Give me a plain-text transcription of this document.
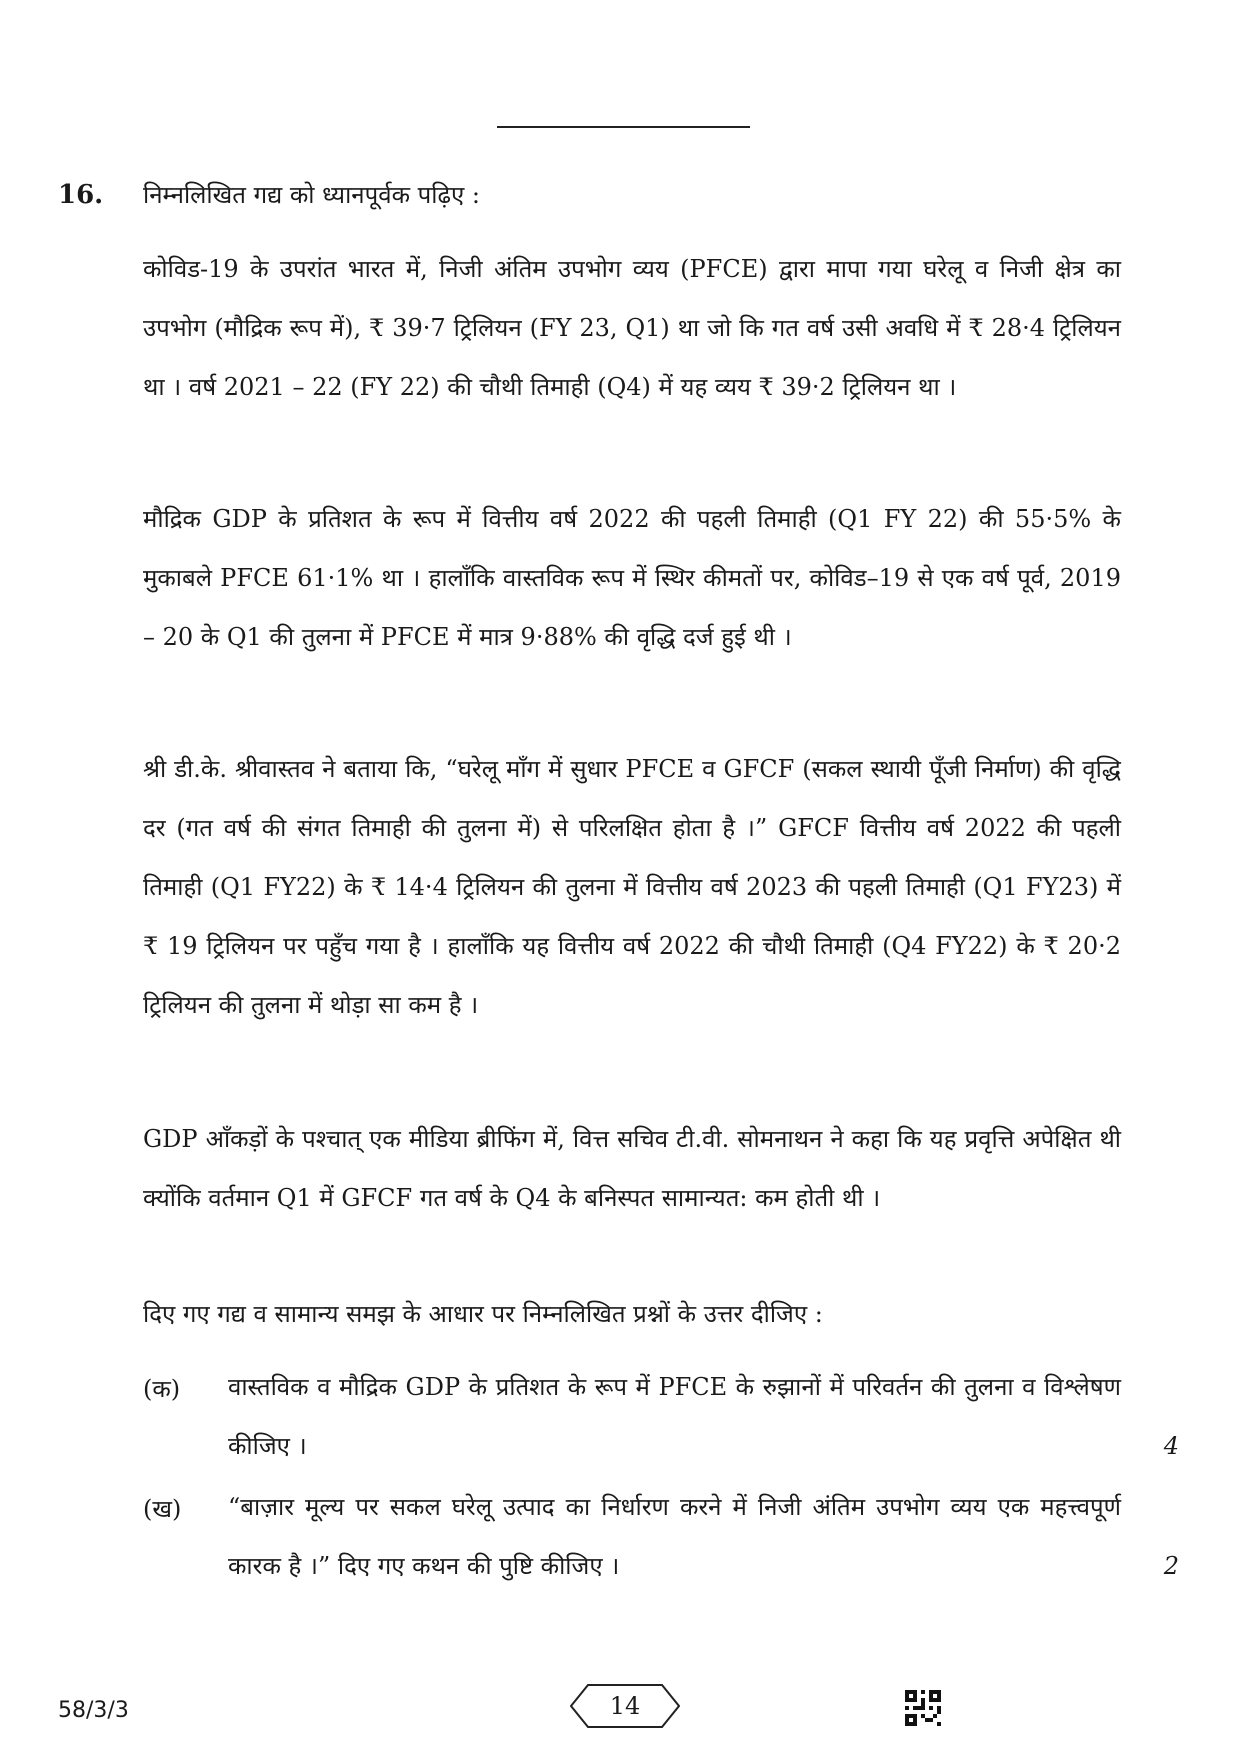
16. निम्नलिखित गद्य को ध्यानपूर्वक पढ़िए :

कोविड-19 के उपरांत भारत में, निजी अंतिम उपभोग व्यय (PFCE) द्वारा मापा गया घरेलू व निजी क्षेत्र का उपभोग (मौद्रिक रूप में), ₹ 39·7 ट्रिलियन (FY 23, Q1) था जो कि गत वर्ष उसी अवधि में ₹ 28·4 ट्रिलियन था । वर्ष 2021 – 22 (FY 22) की चौथी तिमाही (Q4) में यह व्यय ₹ 39·2 ट्रिलियन था ।

मौद्रिक GDP के प्रतिशत के रूप में वित्तीय वर्ष 2022 की पहली तिमाही (Q1 FY 22) की 55·5% के मुकाबले PFCE 61·1% था । हालाँकि वास्तविक रूप में स्थिर कीमतों पर, कोविड–19 से एक वर्ष पूर्व, 2019 – 20 के Q1 की तुलना में PFCE में मात्र 9·88% की वृद्धि दर्ज हुई थी ।

श्री डी.के. श्रीवास्तव ने बताया कि, “घरेलू माँग में सुधार PFCE व GFCF (सकल स्थायी पूँजी निर्माण) की वृद्धि दर (गत वर्ष की संगत तिमाही की तुलना में) से परिलक्षित होता है ।” GFCF वित्तीय वर्ष 2022 की पहली तिमाही (Q1 FY22) के ₹ 14·4 ट्रिलियन की तुलना में वित्तीय वर्ष 2023 की पहली तिमाही (Q1 FY23) में ₹ 19 ट्रिलियन पर पहुँच गया है । हालाँकि यह वित्तीय वर्ष 2022 की चौथी तिमाही (Q4 FY22) के ₹ 20·2 ट्रिलियन की तुलना में थोड़ा सा कम है ।

GDP आँकड़ों के पश्चात् एक मीडिया ब्रीफिंग में, वित्त सचिव टी.वी. सोमनाथन ने कहा कि यह प्रवृत्ति अपेक्षित थी क्योंकि वर्तमान Q1 में GFCF गत वर्ष के Q4 के बनिस्पत सामान्यत: कम होती थी ।

दिए गए गद्य व सामान्य समझ के आधार पर निम्नलिखित प्रश्नों के उत्तर दीजिए :
(क) वास्तविक व मौद्रिक GDP के प्रतिशत के रूप में PFCE के रुझानों में परिवर्तन की तुलना व विश्लेषण कीजिए ।	4
(ख) “बाज़ार मूल्य पर सकल घरेलू उत्पाद का निर्धारण करने में निजी अंतिम उपभोग व्यय एक महत्त्वपूर्ण कारक है ।” दिए गए कथन की पुष्टि कीजिए ।	2
58/3/3	14
